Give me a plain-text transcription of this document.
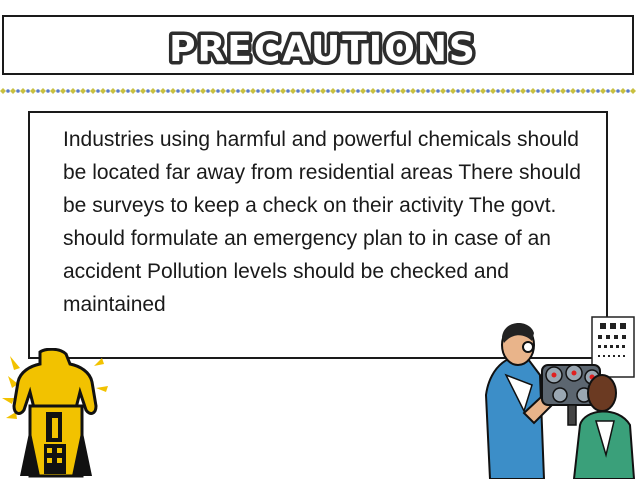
PRECAUTIONS

Industries using harmful and powerful chemicals should be located far away from residential areas There should be surveys to keep a check on their activity The govt. should formulate an emergency plan to in case of an accident Pollution levels should be checked and maintained
